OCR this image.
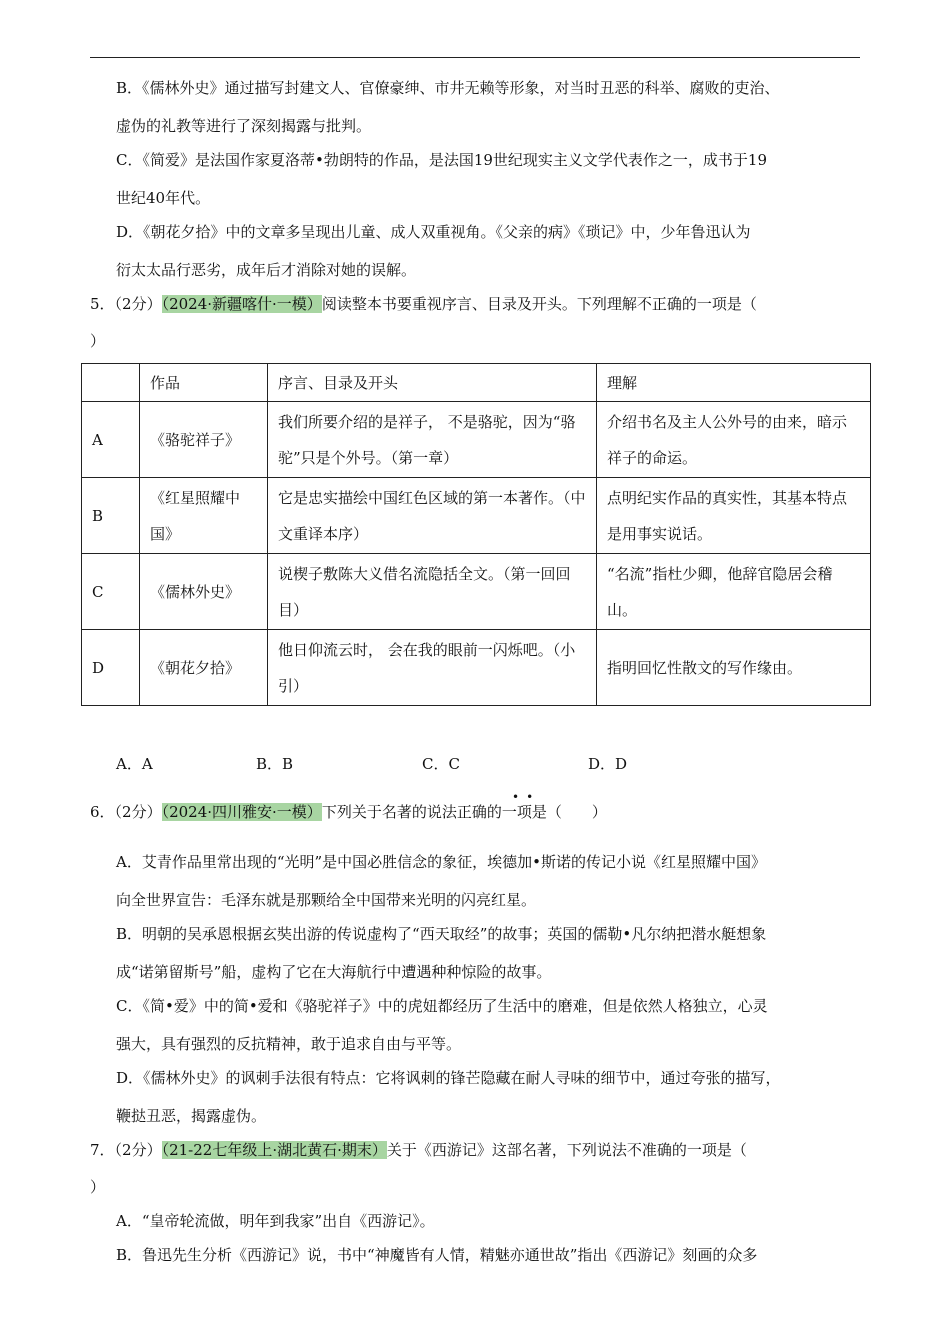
B．《儒林外史》通过描写封建文人、官僚豪绅、市井无赖等形象，对当时丑恶的科举、腐败的吏治、
虚伪的礼教等进行了深刻揭露与批判。
C．《简爱》是法国作家夏洛蒂•勃朗特的作品，是法国19世纪现实主义文学代表作之一，成书于19
世纪40年代。
D．《朝花夕拾》中的文章多呈现出儿童、成人双重视角。《父亲的病》《琐记》中，少年鲁迅认为
衍太太品行恶劣，成年后才消除对她的误解。
5．（2分）（2024·新疆喀什·一模）阅读整本书要重视序言、目录及开头。下列理解不正确的一项是（
）
	作品	序言、目录及开头	理解
A	《骆驼祥子》	我们所要介绍的是祥子， 不是骆驼，因为“骆驼”只是个外号。（第一章）	介绍书名及主人公外号的由来，暗示祥子的命运。
B	《红星照耀中国》	它是忠实描绘中国红色区域的第一本著作。（中文重译本序）	点明纪实作品的真实性，其基本特点是用事实说话。
C	《儒林外史》	说楔子敷陈大义借名流隐括全文。（第一回回目）	“名流”指杜少卿，他辞官隐居会稽山。
D	《朝花夕拾》	他日仰流云时， 会在我的眼前一闪烁吧。（小引）	指明回忆性散文的写作缘由。
A．A	B．B	C．C	D．D
••
6．（2分）（2024·四川雅安·一模）下列关于名著的说法正确的一项是（　　）
A．艾青作品里常出现的“光明”是中国必胜信念的象征，埃德加•斯诺的传记小说《红星照耀中国》
向全世界宣告：毛泽东就是那颗给全中国带来光明的闪亮红星。
B．明朝的吴承恩根据玄奘出游的传说虚构了“西天取经”的故事；英国的儒勒•凡尔纳把潜水艇想象
成“诺第留斯号”船，虚构了它在大海航行中遭遇种种惊险的故事。
C．《简•爱》中的简•爱和《骆驼祥子》中的虎妞都经历了生活中的磨难，但是依然人格独立，心灵
强大，具有强烈的反抗精神，敢于追求自由与平等。
D．《儒林外史》的讽刺手法很有特点：它将讽刺的锋芒隐藏在耐人寻味的细节中，通过夸张的描写，
鞭挞丑恶，揭露虚伪。
7．（2分）（21-22七年级上·湖北黄石·期末）关于《西游记》这部名著，下列说法不准确的一项是（
）
A．“皇帝轮流做，明年到我家”出自《西游记》。
B．鲁迅先生分析《西游记》说，书中“神魔皆有人情，精魅亦通世故”指出《西游记》刻画的众多
